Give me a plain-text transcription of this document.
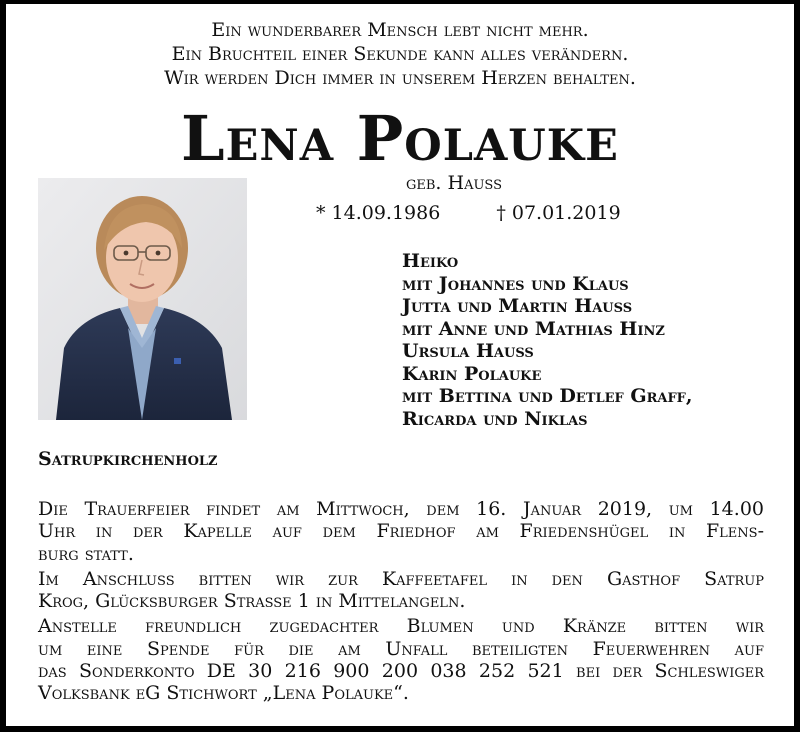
Ein wunderbarer Mensch lebt nicht mehr.
Ein Bruchteil einer Sekunde kann alles verändern.
Wir werden Dich immer in unserem Herzen behalten.
Lena Polauke
geb. Hauß
* 14.09.1986	† 07.01.2019
Heiko
mit Johannes und Klaus
Jutta und Martin Hauß
mit Anne und Mathias Hinz
Ursula Hauß
Karin Polauke
mit Bettina und Detlef Graff,
Ricarda und Niklas
Satrupkirchenholz

Die Trauerfeier findet am Mittwoch, dem 16. Januar 2019, um 14.00
Uhr in der Kapelle auf dem Friedhof am Friedenshügel in Flens-
burg statt.

Im Anschluss bitten wir zur Kaffeetafel in den Gasthof Satrup
Krog, Glücksburger Strasse 1 in Mittelangeln.

Anstelle freundlich zugedachter Blumen und Kränze bitten wir
um eine Spende für die am Unfall beteiligten Feuerwehren auf
das Sonderkonto DE 30 216 900 200 038 252 521 bei der Schleswiger
Volksbank eG Stichwort „Lena Polauke“.
